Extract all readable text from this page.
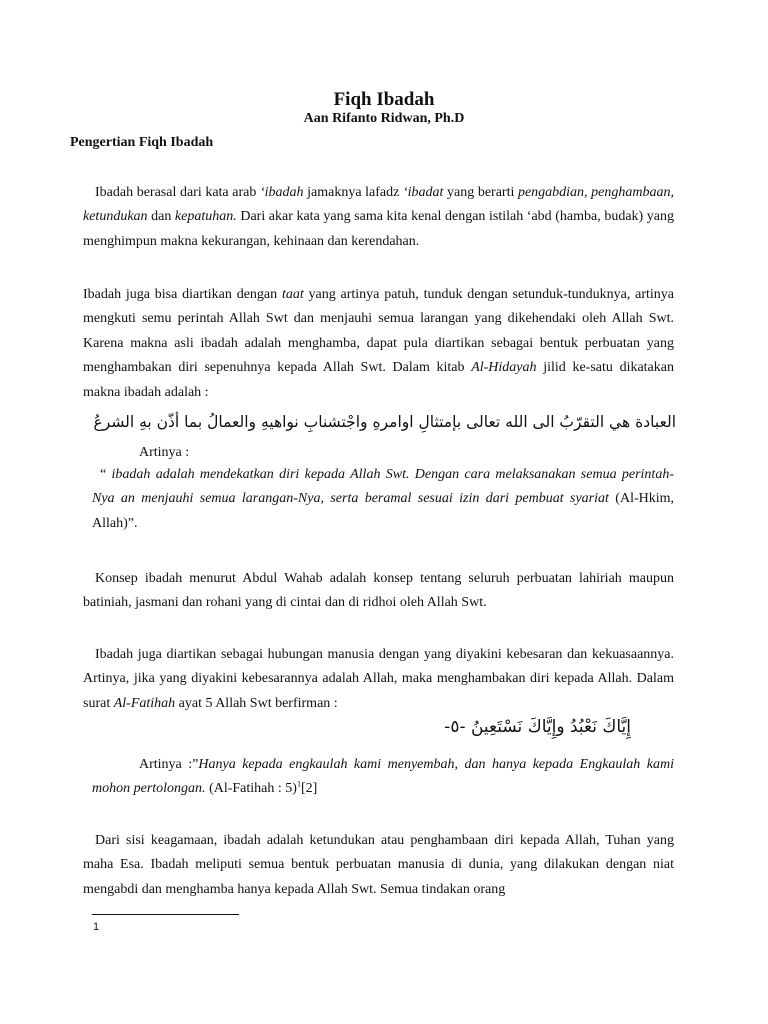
Fiqh Ibadah
Aan Rifanto Ridwan, Ph.D
Pengertian Fiqh Ibadah

Ibadah berasal dari kata arab ‘ibadah jamaknya lafadz ‘ibadat yang berarti pengabdian, penghambaan, ketundukan dan kepatuhan. Dari akar kata yang sama kita kenal dengan istilah ‘abd (hamba, budak) yang menghimpun makna kekurangan, kehinaan dan kerendahan.

Ibadah juga bisa diartikan dengan taat yang artinya patuh, tunduk dengan setunduk-tunduknya, artinya mengkuti semu perintah Allah Swt dan menjauhi semua larangan yang dikehendaki oleh Allah Swt. Karena makna asli ibadah adalah menghamba, dapat pula diartikan sebagai bentuk perbuatan yang menghambakan diri sepenuhnya kepada Allah Swt. Dalam kitab Al-Hidayah jilid ke-satu dikatakan makna ibadah adalah :

العبادة هي التقرّبُ الى الله تعالى بإمتثالِ اوامرهِ واجْتشنابِ نواهيهِ والعمالُ بما أذّن بهِ الشرعُ
Artinya :

“ ibadah adalah mendekatkan diri kepada Allah Swt. Dengan cara melaksanakan semua perintah-Nya an menjauhi semua larangan-Nya, serta beramal sesuai izin dari pembuat syariat (Al-Hkim, Allah)”.

Konsep ibadah menurut Abdul Wahab adalah konsep tentang seluruh perbuatan lahiriah maupun batiniah, jasmani dan rohani yang di cintai dan di ridhoi oleh Allah Swt.

Ibadah juga diartikan sebagai hubungan manusia dengan yang diyakini kebesaran dan kekuasaannya. Artinya, jika yang diyakini kebesarannya adalah Allah, maka menghambakan diri kepada Allah. Dalam surat Al-Fatihah ayat 5 Allah Swt berfirman :

إِيَّاكَ نَعْبُدُ وإِيَّاكَ نَسْتَعِينُ -٥-

Artinya :”Hanya kepada engkaulah kami menyembah, dan hanya kepada Engkaulah kami mohon pertolongan. (Al-Fatihah : 5)$^1$[2]

Dari sisi keagamaan, ibadah adalah ketundukan atau penghambaan diri kepada Allah, Tuhan yang maha Esa. Ibadah meliputi semua bentuk perbuatan manusia di dunia, yang dilakukan dengan niat mengabdi dan menghamba hanya kepada Allah Swt. Semua tindakan orang

1
